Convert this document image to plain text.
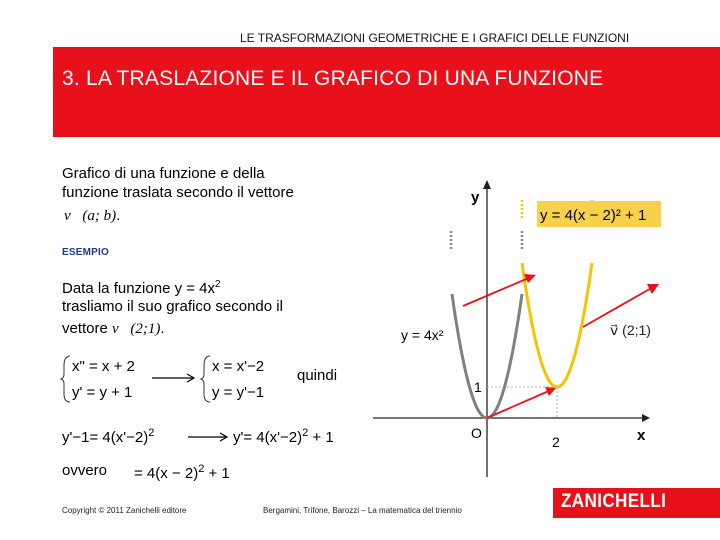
LE TRASFORMAZIONI GEOMETRICHE E I GRAFICI DELLE FUNZIONI
3. LA TRASLAZIONE E IL GRAFICO DI UNA FUNZIONE
Grafico di una funzione e della
funzione traslata secondo il vettore
v⃗(a; b).
ESEMPIO
Data la funzione $y = 4x^2$
trasliamo il suo grafico secondo il
vettore v⃗(2;1).
x" = x + 2
y' = y + 1
x = x'−2
y = y'−1
quindi
$y'-1= 4(x'-2)^2$	$y'= 4(x'-2)^2 + 1$
ovvero = $4(x - 2)^2 + 1$
y
x
O
1
2
y = 4x²
y = 4(x − 2)² + 1
v⃗ (2;1)
Copyright © 2011 Zanichelli editore	Bergamini, Trifone, Barozzi – La matematica del triennio	ZANICHELLI
